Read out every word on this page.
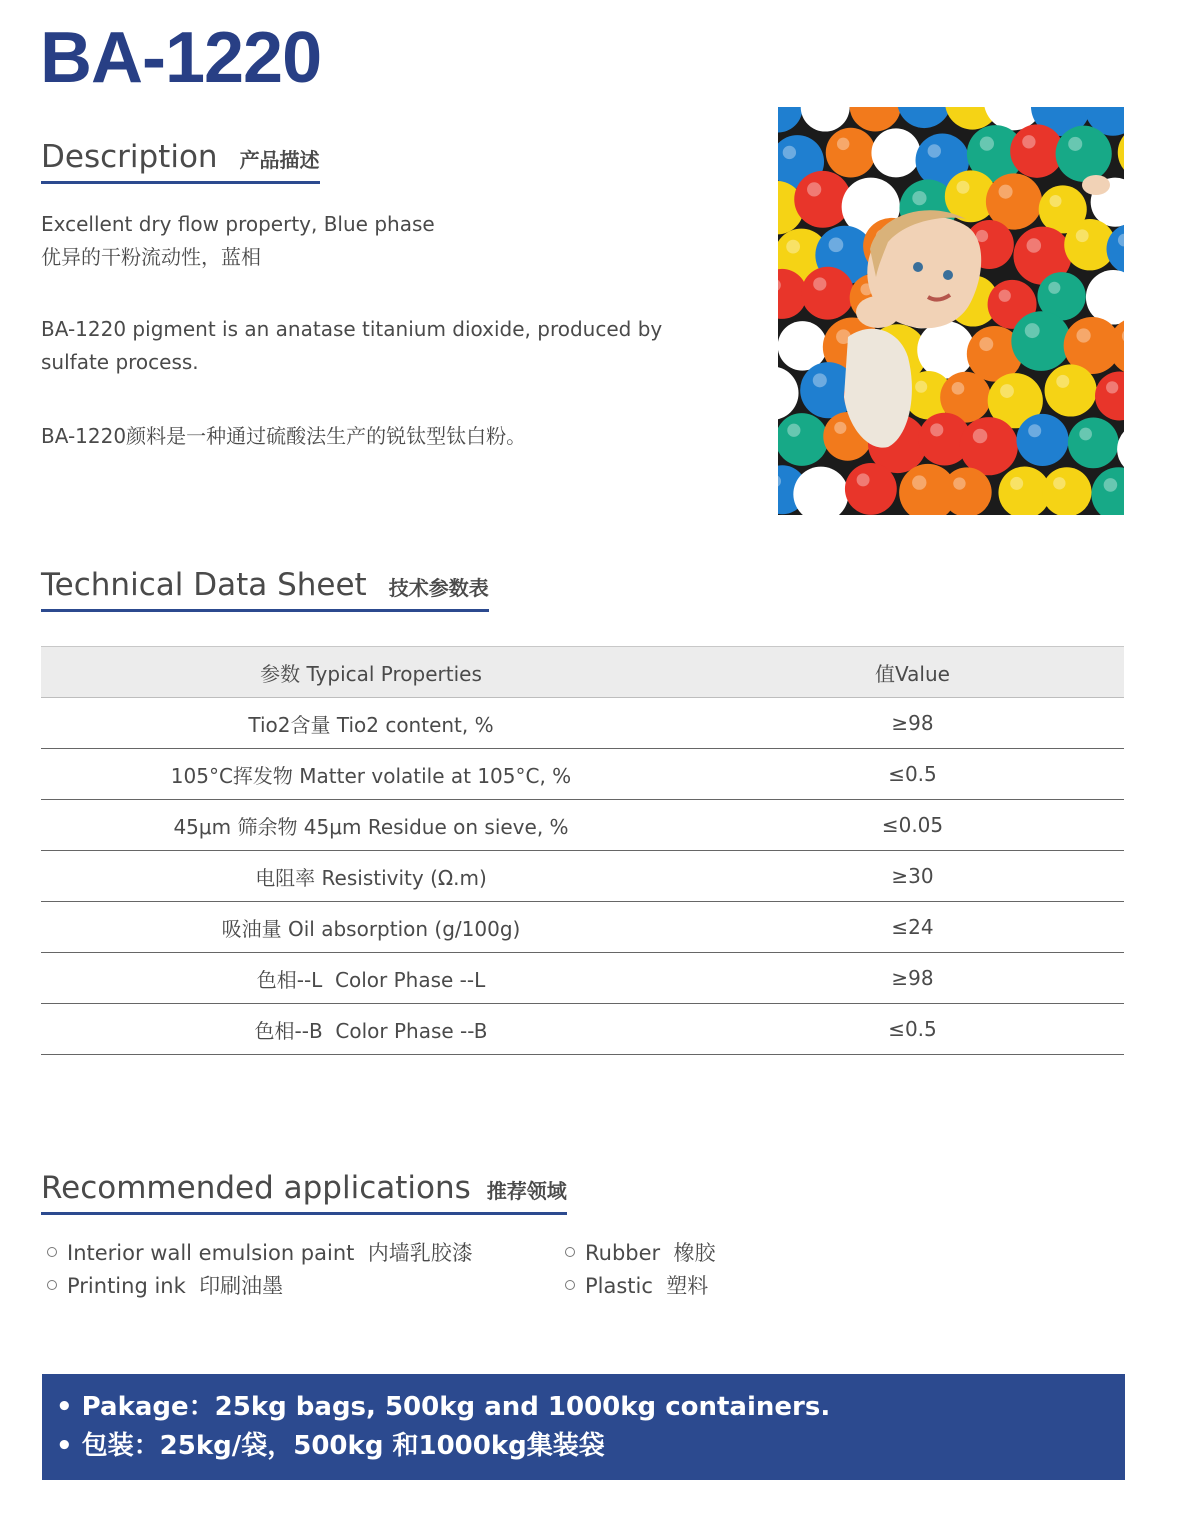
BA-1220
Description 产品描述

Excellent dry flow property, Blue phase

优异的干粉流动性，蓝相

BA-1220 pigment is an anatase titanium dioxide, produced by

sulfate process.

BA-1220颜料是一种通过硫酸法生产的锐钛型钛白粉。

Technical Data Sheet 技术参数表
参数 Typical Properties	值Value
Tio2含量 Tio2 content, %	≥98
105°C挥发物 Matter volatile at 105°C, %	≤0.5
45μm 筛余物 45μm Residue on sieve, %	≤0.05
电阻率 Resistivity (Ω.m)	≥30
吸油量 Oil absorption (g/100g)	≤24
色相--L  Color Phase --L	≥98
色相--B  Color Phase --B	≤0.5
Recommended applications 推荐领域
Interior wall emulsion paint  内墙乳胶漆
Printing ink  印刷油墨
Rubber  橡胶
Plastic  塑料
• Pakage：25kg bags, 500kg and 1000kg containers.
• 包装：25kg/袋，500kg 和1000kg集装袋
